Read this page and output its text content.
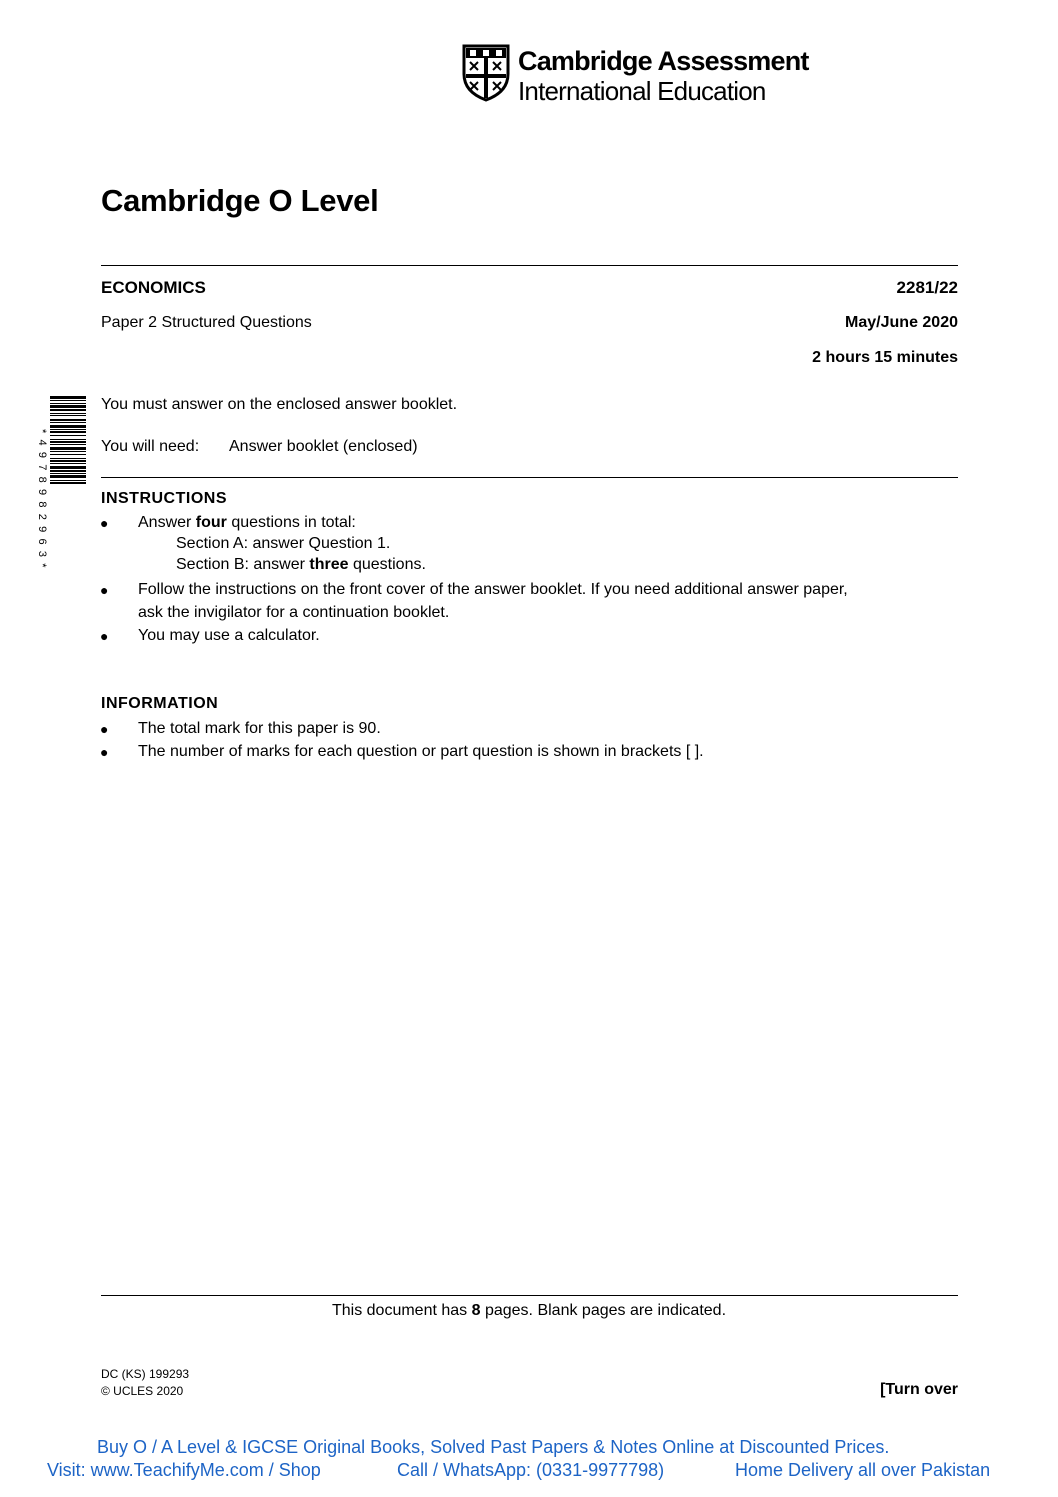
Cambridge Assessment
International Education
Cambridge O Level
ECONOMICS	2281/22
Paper 2 Structured Questions	May/June 2020
2 hours 15 minutes
* 4 9 7 8 9 8 2 9 6 3 *
You must answer on the enclosed answer booklet.
You will need: Answer booklet (enclosed)
INSTRUCTIONS
● Answer four questions in total:
Section A: answer Question 1.
Section B: answer three questions.
● Follow the instructions on the front cover of the answer booklet. If you need additional answer paper,
ask the invigilator for a continuation booklet.
● You may use a calculator.
INFORMATION
● The total mark for this paper is 90.
● The number of marks for each question or part question is shown in brackets [ ].
This document has 8 pages. Blank pages are indicated.
DC (KS) 199293
© UCLES 2020	[Turn over
Buy O / A Level & IGCSE Original Books, Solved Past Papers & Notes Online at Discounted Prices.
Visit: www.TeachifyMe.com / Shop	Call / WhatsApp: (0331-9977798)	Home Delivery all over Pakistan
